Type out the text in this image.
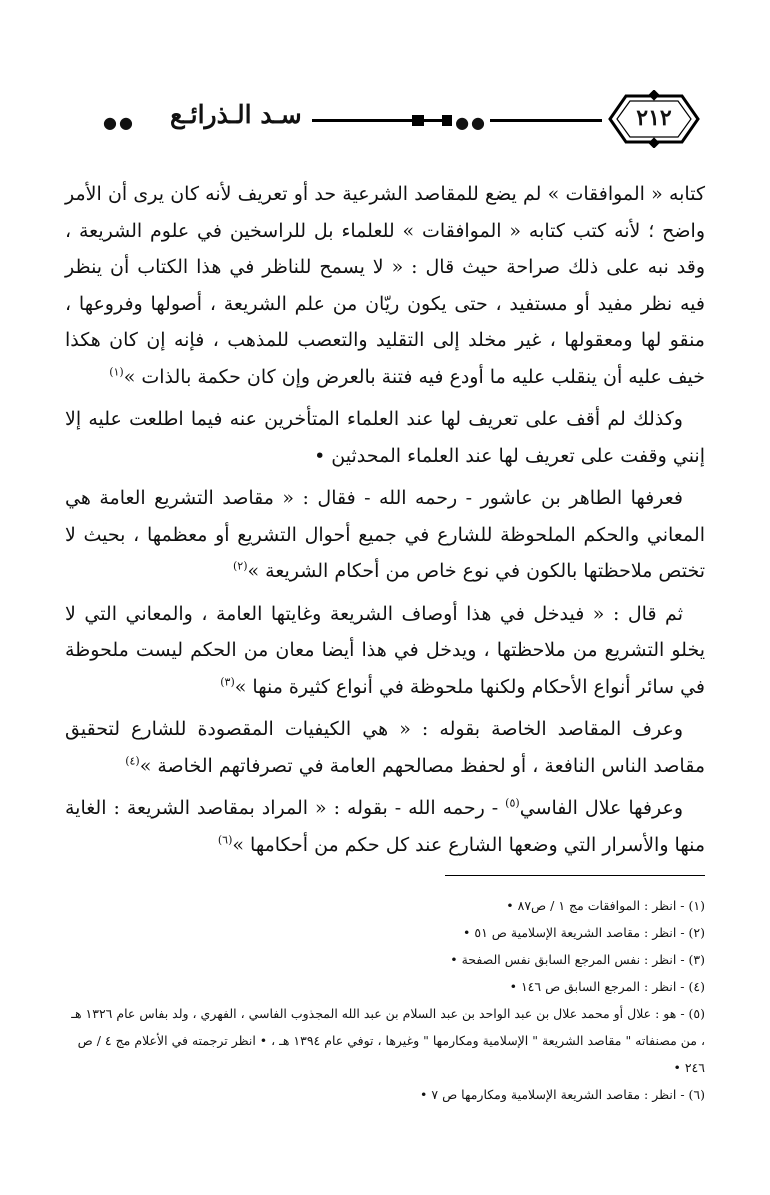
●●
سـد الـذرائـع
●●	٢١٢

كتابه « الموافقات » لم يضع للمقاصد الشرعية حد أو تعريف لأنه كان يرى أن الأمر واضح ؛ لأنه كتب كتابه « الموافقات » للعلماء بل للراسخين في علوم الشريعة ، وقد نبه على ذلك صراحة حيث قال : « لا يسمح للناظر في هذا الكتاب أن ينظر فيه نظر مفيد أو مستفيد ، حتى يكون ريّان من علم الشريعة ، أصولها وفروعها ، منقو لها ومعقولها ، غير مخلد إلى التقليد والتعصب للمذهب ، فإنه إن كان هكذا خيف عليه أن ينقلب عليه ما أودع فيه فتنة بالعرض وإن كان حكمة بالذات »$^{(١)}$

وكذلك لم أقف على تعريف لها عند العلماء المتأخرين عنه فيما اطلعت عليه إلا إنني وقفت على تعريف لها عند العلماء المحدثين •

فعرفها الطاهر بن عاشور - رحمه الله - فقال : « مقاصد التشريع العامة هي المعاني والحكم الملحوظة للشارع في جميع أحوال التشريع أو معظمها ، بحيث لا تختص ملاحظتها بالكون في نوع خاص من أحكام الشريعة »$^{(٢)}$

ثم قال : « فيدخل في هذا أوصاف الشريعة وغايتها العامة ، والمعاني التي لا يخلو التشريع من ملاحظتها ، ويدخل في هذا أيضا معان من الحكم ليست ملحوظة في سائر أنواع الأحكام ولكنها ملحوظة في أنواع كثيرة منها »$^{(٣)}$

وعرف المقاصد الخاصة بقوله : « هي الكيفيات المقصودة للشارع لتحقيق مقاصد الناس النافعة ، أو لحفظ مصالحهم العامة في تصرفاتهم الخاصة »$^{(٤)}$

وعرفها علال الفاسي$^{(٥)}$ - رحمه الله - بقوله : « المراد بمقاصد الشريعة : الغاية منها والأسرار التي وضعها الشارع عند كل حكم من أحكامها »$^{(٦)}$

(١) - انظر : الموافقات مج ١ / ص٨٧ •

(٢) - انظر : مقاصد الشريعة الإسلامية ص ٥١ •

(٣) - انظر : نفس المرجع السابق نفس الصفحة •

(٤) - انظر : المرجع السابق ص ١٤٦ •

(٥) - هو : علال أو محمد علال بن عبد الواحد بن عبد السلام بن عبد الله المجذوب الفاسي ، الفهري ، ولد بفاس عام ١٣٢٦ هـ ، من مصنفاته " مقاصد الشريعة " الإسلامية ومكارمها " وغيرها ، توفي عام ١٣٩٤ هـ ، • انظر ترجمته في الأعلام مج ٤ / ص ٢٤٦ •

(٦) - انظر : مقاصد الشريعة الإسلامية ومكارمها ص ٧ •
